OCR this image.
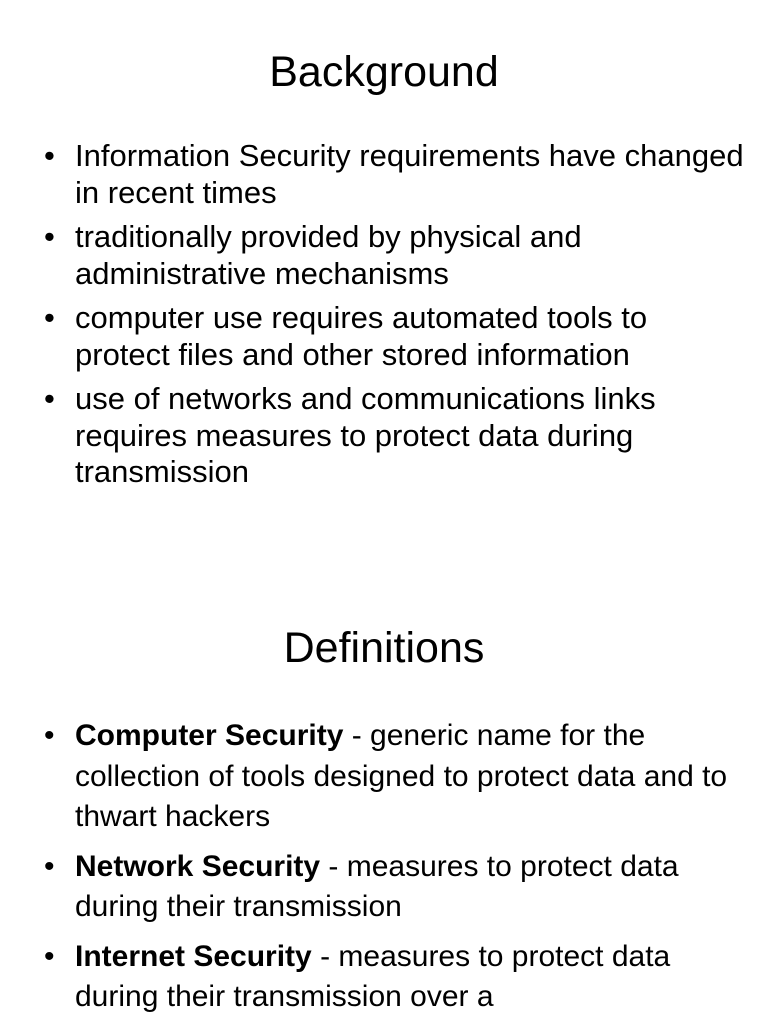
Background
• Information Security requirements have changed in recent times
• traditionally provided by physical and administrative mechanisms
• computer use requires automated tools to protect files and other stored information
• use of networks and communications links requires measures to protect data during transmission
Definitions
• Computer Security - generic name for the collection of tools designed to protect data and to thwart hackers
• Network Security - measures to protect data during their transmission
• Internet Security - measures to protect data during their transmission over a
